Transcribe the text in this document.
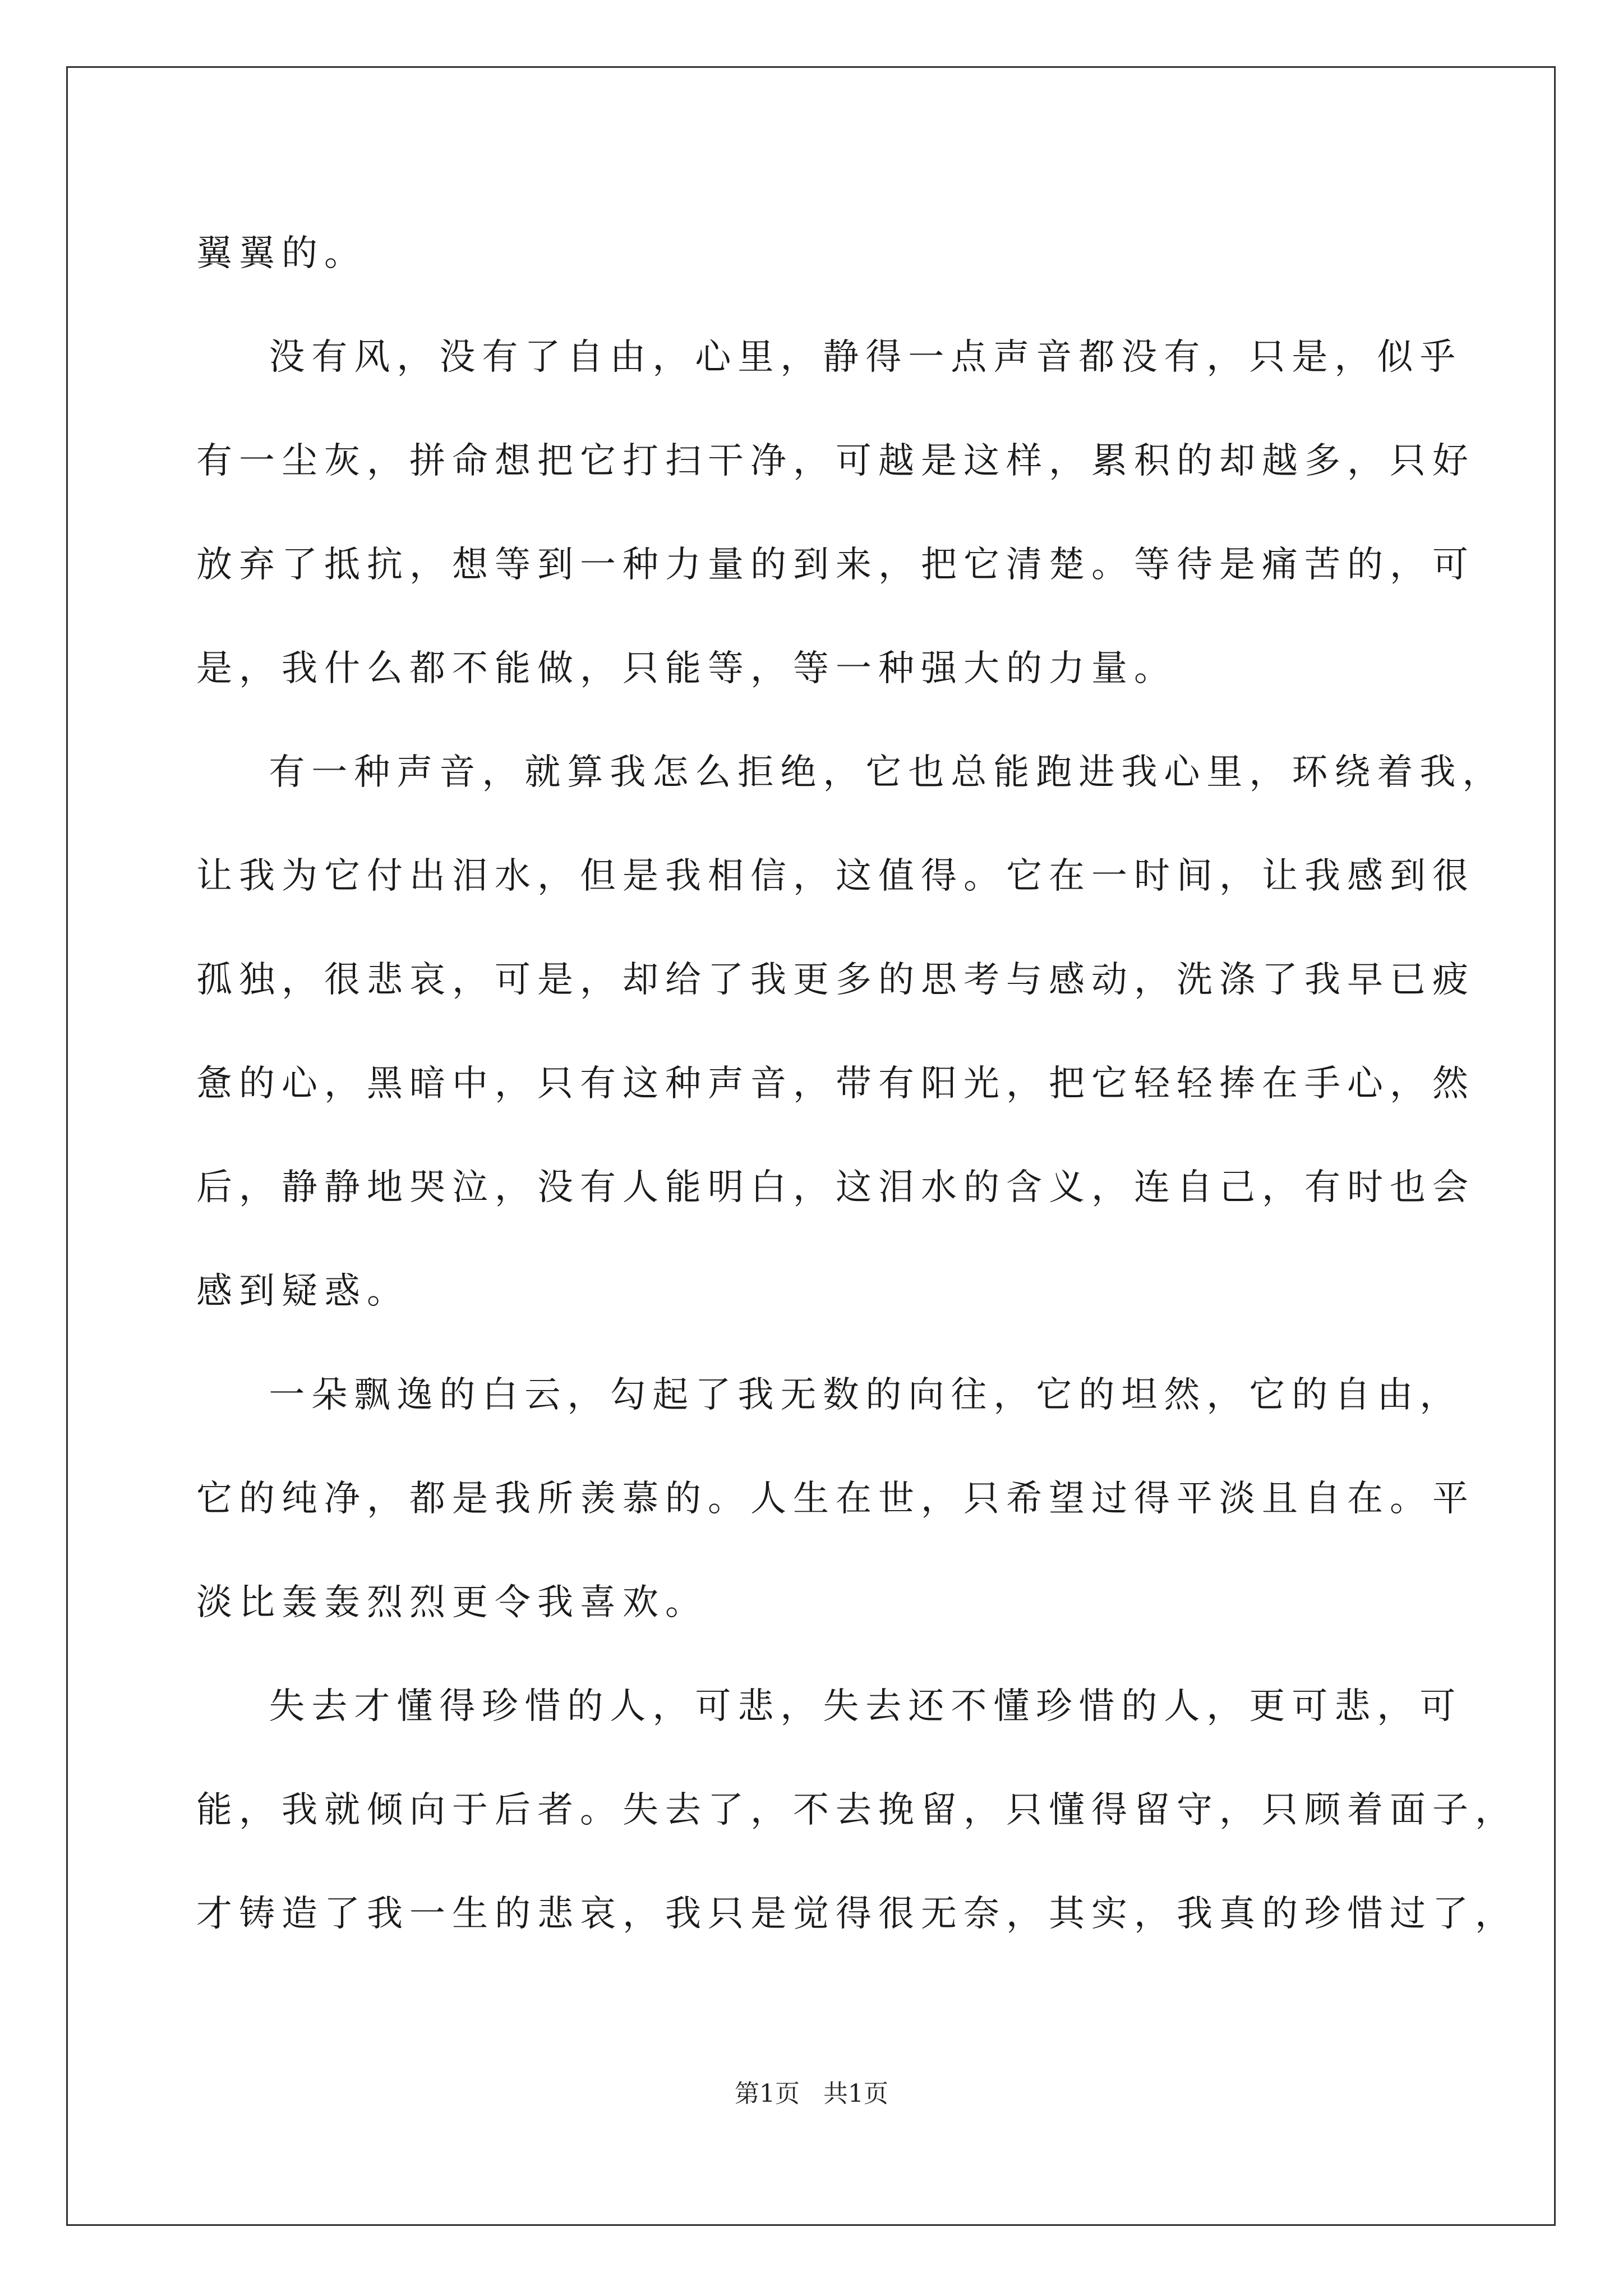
翼翼的。
没有风，没有了自由，心里，静得一点声音都没有，只是，似乎
有一尘灰，拼命想把它打扫干净，可越是这样，累积的却越多，只好
放弃了抵抗，想等到一种力量的到来，把它清楚。等待是痛苦的，可
是，我什么都不能做，只能等，等一种强大的力量。
有一种声音，就算我怎么拒绝，它也总能跑进我心里，环绕着我，
让我为它付出泪水，但是我相信，这值得。它在一时间，让我感到很
孤独，很悲哀，可是，却给了我更多的思考与感动，洗涤了我早已疲
惫的心，黑暗中，只有这种声音，带有阳光，把它轻轻捧在手心，然
后，静静地哭泣，没有人能明白，这泪水的含义，连自己，有时也会
感到疑惑。
一朵飘逸的白云，勾起了我无数的向往，它的坦然，它的自由，
它的纯净，都是我所羡慕的。人生在世，只希望过得平淡且自在。平
淡比轰轰烈烈更令我喜欢。
失去才懂得珍惜的人，可悲，失去还不懂珍惜的人，更可悲，可
能，我就倾向于后者。失去了，不去挽留，只懂得留守，只顾着面子，
才铸造了我一生的悲哀，我只是觉得很无奈，其实，我真的珍惜过了，
第1页   共1页
